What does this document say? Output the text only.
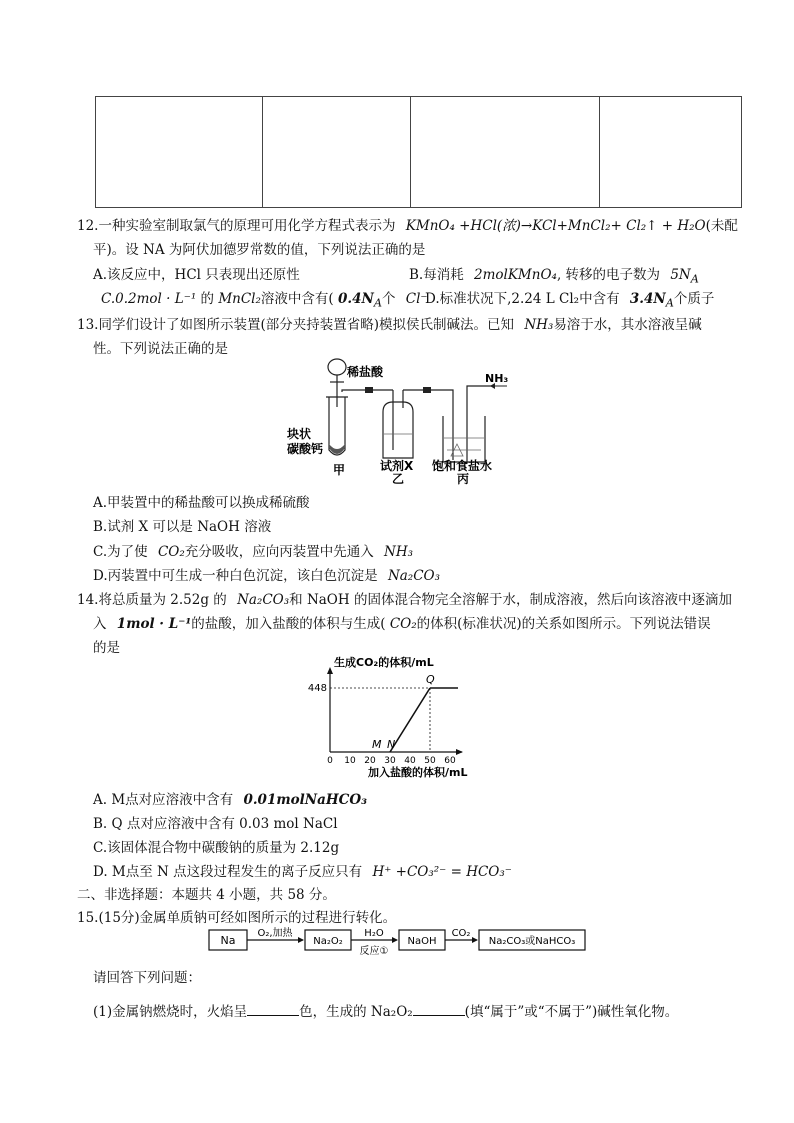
12.一种实验室制取氯气的原理可用化学方程式表示为 KMnO₄ +HCl(浓)→KCl+MnCl₂+ Cl₂↑ + H₂O(未配
平)。设 NA 为阿伏加德罗常数的值，下列说法正确的是
A.该反应中，HCl 只表现出还原性	B.每消耗 2molKMnO₄, 转移的电子数为 $5N_A$
C.0.2mol · L⁻¹ 的 MnCl₂溶液中含有( $0.4N_A$个 Cl⁻
D.标准状况下,2.24 L Cl₂中含有 $3.4N_A$个质子
13.同学们设计了如图所示装置(部分夹持装置省略)模拟侯氏制碱法。已知 NH₃易溶于水，其水溶液呈碱
性。下列说法正确的是
稀盐酸	NH₃
块状
碳酸钙
甲	试剂X
乙
饱和食盐水
丙
A.甲装置中的稀盐酸可以换成稀硫酸
B.试剂 X 可以是 NaOH 溶液
C.为了使 CO₂充分吸收，应向丙装置中先通入 NH₃
D.丙装置中可生成一种白色沉淀，该白色沉淀是 Na₂CO₃
14.将总质量为 2.52g 的 Na₂CO₃和 NaOH 的固体混合物完全溶解于水，制成溶液，然后向该溶液中逐滴加
入 1mol · L⁻¹的盐酸，加入盐酸的体积与生成( CO₂的体积(标准状况)的关系如图所示。下列说法错误
的是
生成CO₂的体积/mL
加入盐酸的体积/mL
0 10 20 30 40 50 60
448
Q
N
M
A. M点对应溶液中含有 0.01molNaHCO₃
B. Q 点对应溶液中含有 0.03 mol NaCl
C.该固体混合物中碳酸钠的质量为 2.12g
D. M点至 N 点这段过程发生的离子反应只有 H⁺ +CO₃²⁻ = HCO₃⁻
二、非选择题：本题共 4 小题，共 58 分。
15.(15分)金属单质钠可经如图所示的过程进行转化。
Na	Na₂O₂	NaOH	Na₂CO₃或NaHCO₃
O₂,加热	H₂O
反应①
CO₂
请回答下列问题：
(1)金属钠燃烧时，火焰呈	色，生成的 Na₂O₂	(填“属于”或“不属于”)碱性氧化物。
